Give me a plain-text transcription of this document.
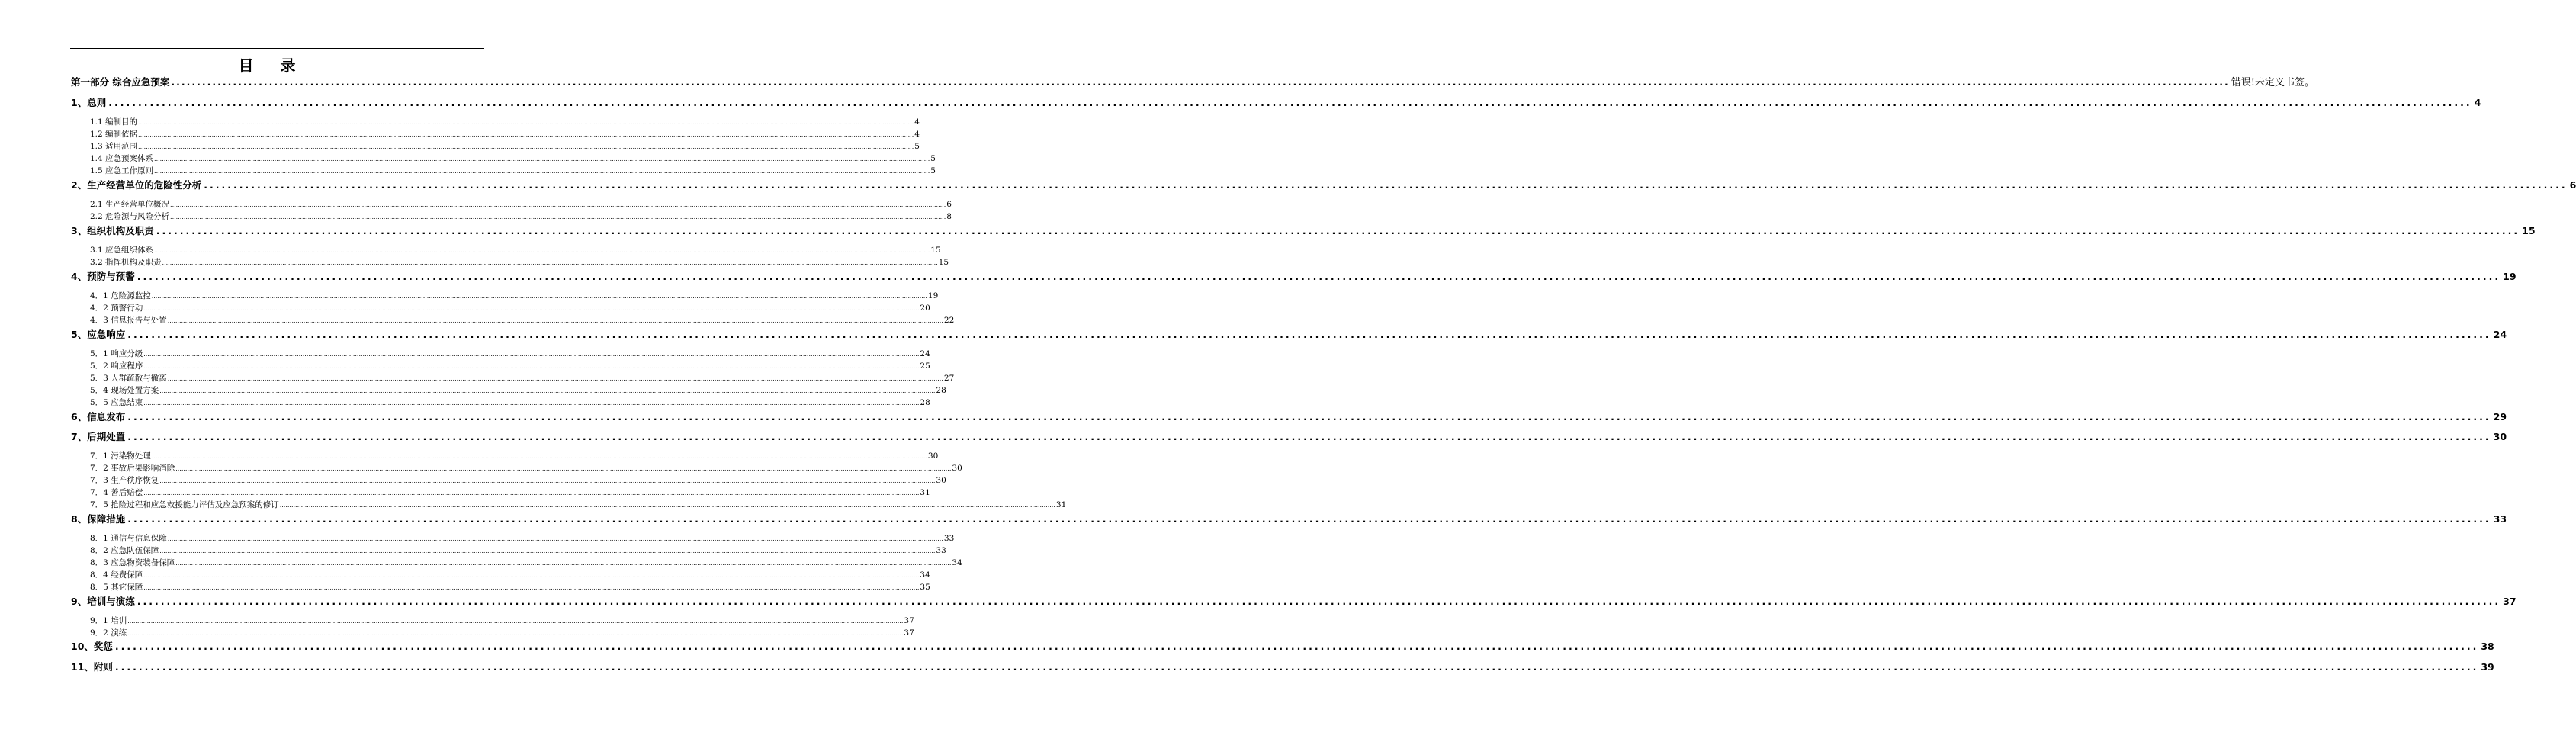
目 录
第一部分 综合应急预案 ................................................................................................................................................................................................................................................................................................................................................................................................................ 错误!未定义书签。
1、总则 ................................................................................................................................................................................................................................................................................................................................................................................................................ 4
1.1 编制目的 ................................................................................................................................................................................................................................................................................................................................................................................................................ 4
1.2 编制依据 ................................................................................................................................................................................................................................................................................................................................................................................................................ 4
1.3 适用范围 ................................................................................................................................................................................................................................................................................................................................................................................................................ 5
1.4 应急预案体系 ................................................................................................................................................................................................................................................................................................................................................................................................................ 5
1.5 应急工作原则 ................................................................................................................................................................................................................................................................................................................................................................................................................ 5
2、生产经营单位的危险性分析 ................................................................................................................................................................................................................................................................................................................................................................................................................ 6
2.1 生产经营单位概况 ................................................................................................................................................................................................................................................................................................................................................................................................................ 6
2.2 危险源与风险分析 ................................................................................................................................................................................................................................................................................................................................................................................................................ 8
3、组织机构及职责 ................................................................................................................................................................................................................................................................................................................................................................................................................ 15
3.1 应急组织体系 ................................................................................................................................................................................................................................................................................................................................................................................................................ 15
3.2 指挥机构及职责 ................................................................................................................................................................................................................................................................................................................................................................................................................ 15
4、预防与预警 ................................................................................................................................................................................................................................................................................................................................................................................................................ 19
4．1 危险源监控 ................................................................................................................................................................................................................................................................................................................................................................................................................ 19
4．2 预警行动 ................................................................................................................................................................................................................................................................................................................................................................................................................ 20
4．3 信息报告与处置 ................................................................................................................................................................................................................................................................................................................................................................................................................ 22
5、应急响应 ................................................................................................................................................................................................................................................................................................................................................................................................................ 24
5．1 响应分级 ................................................................................................................................................................................................................................................................................................................................................................................................................ 24
5．2 响应程序 ................................................................................................................................................................................................................................................................................................................................................................................................................ 25
5．3 人群疏散与撤离 ................................................................................................................................................................................................................................................................................................................................................................................................................ 27
5．4 现场处置方案 ................................................................................................................................................................................................................................................................................................................................................................................................................ 28
5．5 应急结束 ................................................................................................................................................................................................................................................................................................................................................................................................................ 28
6、信息发布 ................................................................................................................................................................................................................................................................................................................................................................................................................ 29
7、后期处置 ................................................................................................................................................................................................................................................................................................................................................................................................................ 30
7．1 污染物处理 ................................................................................................................................................................................................................................................................................................................................................................................................................ 30
7．2 事故后果影响消除 ................................................................................................................................................................................................................................................................................................................................................................................................................ 30
7．3 生产秩序恢复 ................................................................................................................................................................................................................................................................................................................................................................................................................ 30
7．4 善后赔偿 ................................................................................................................................................................................................................................................................................................................................................................................................................ 31
7．5 抢险过程和应急救援能力评估及应急预案的修订 ................................................................................................................................................................................................................................................................................................................................................................................................................ 31
8、保障措施 ................................................................................................................................................................................................................................................................................................................................................................................................................ 33
8．1 通信与信息保障 ................................................................................................................................................................................................................................................................................................................................................................................................................ 33
8．2 应急队伍保障 ................................................................................................................................................................................................................................................................................................................................................................................................................ 33
8．3 应急物资装备保障 ................................................................................................................................................................................................................................................................................................................................................................................................................ 34
8．4 经费保障 ................................................................................................................................................................................................................................................................................................................................................................................................................ 34
8．5 其它保障 ................................................................................................................................................................................................................................................................................................................................................................................................................ 35
9、培训与演练 ................................................................................................................................................................................................................................................................................................................................................................................................................ 37
9．1 培训 ................................................................................................................................................................................................................................................................................................................................................................................................................ 37
9．2 演练 ................................................................................................................................................................................................................................................................................................................................................................................................................ 37
10、奖惩 ................................................................................................................................................................................................................................................................................................................................................................................................................ 38
11、附则 ................................................................................................................................................................................................................................................................................................................................................................................................................ 39
